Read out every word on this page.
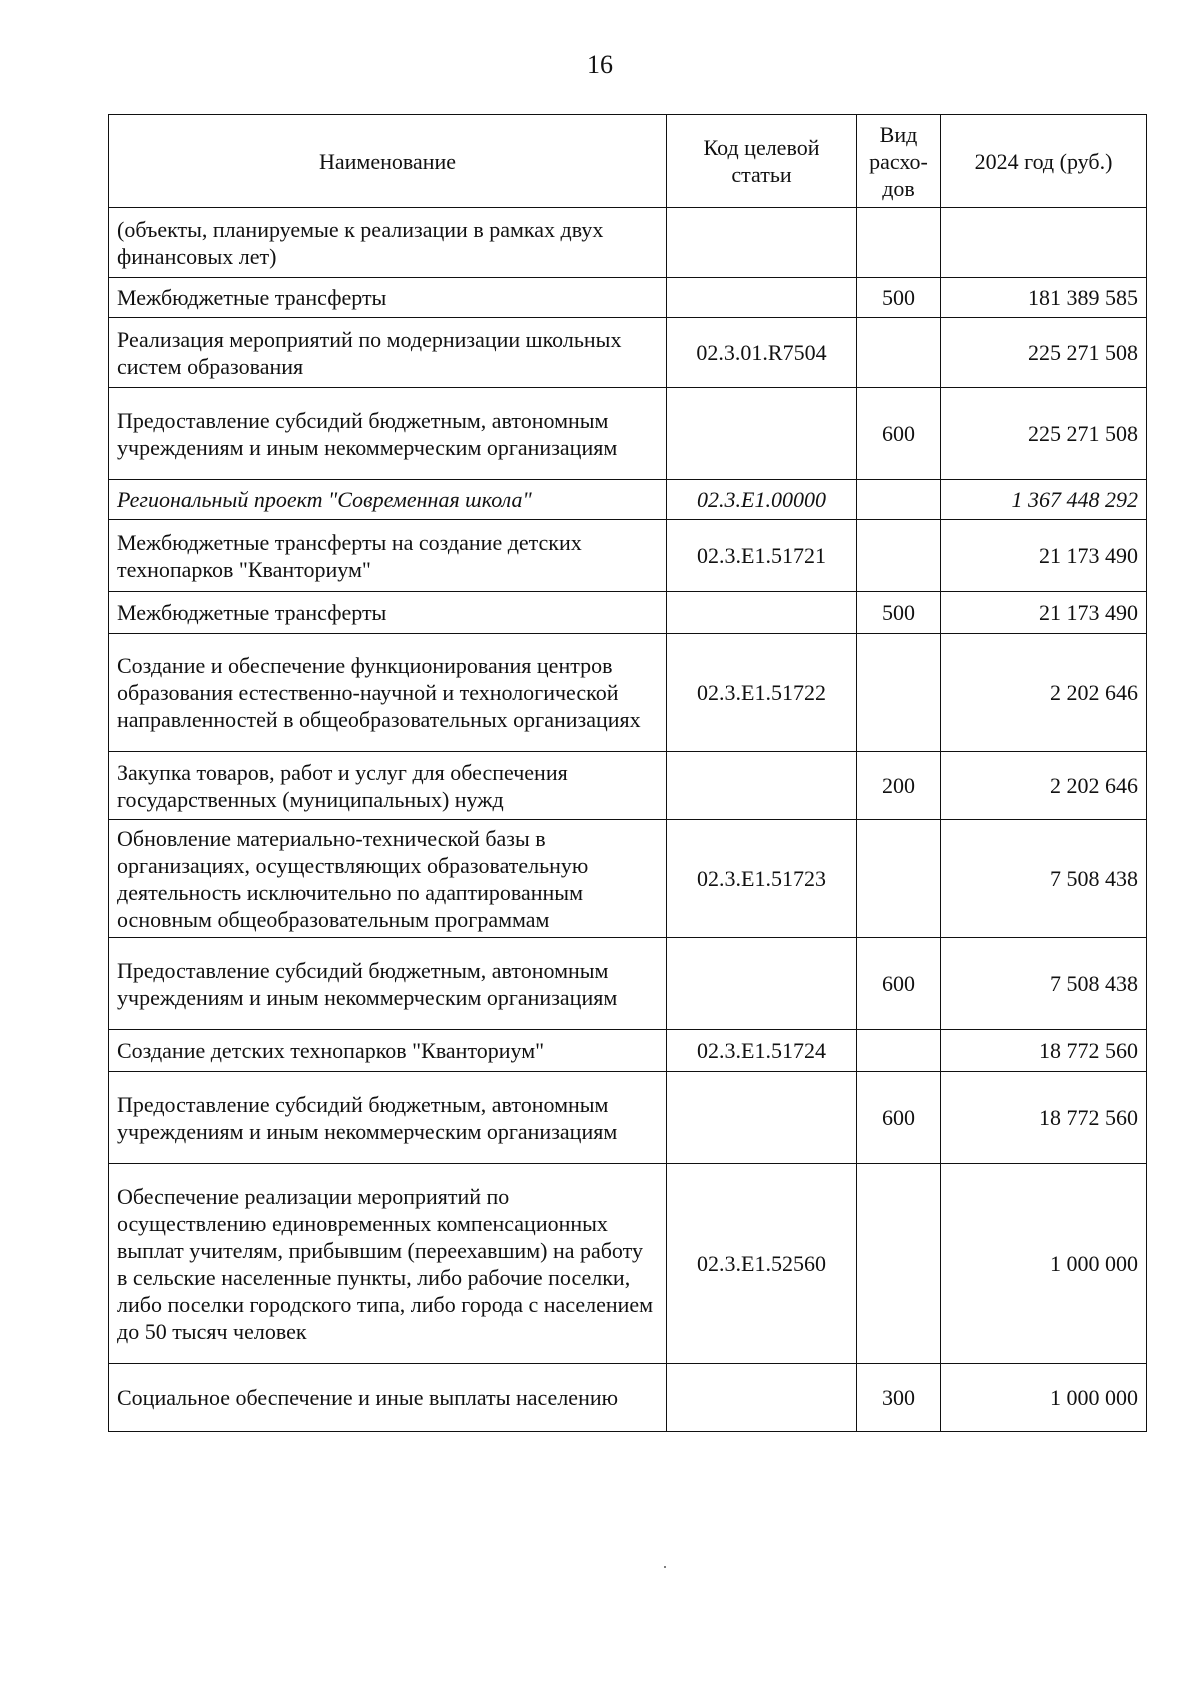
16
Наименование	Код целевой статьи	Вид расхо-дов	2024 год (руб.)
(объекты, планируемые к реализации в рамках двух финансовых лет)			
Межбюджетные трансферты		500	181 389 585
Реализация мероприятий по модернизации школьных систем образования	02.3.01.R7504		225 271 508
Предоставление субсидий бюджетным, автономным учреждениям и иным некоммерческим организациям		600	225 271 508
Региональный проект "Современная школа"	02.3.E1.00000		1 367 448 292
Межбюджетные трансферты на создание детских технопарков "Кванториум"	02.3.E1.51721		21 173 490
Межбюджетные трансферты		500	21 173 490
Создание и обеспечение функционирования центров образования естественно-научной и технологической направленностей в общеобразовательных организациях	02.3.E1.51722		2 202 646
Закупка товаров, работ и услуг для обеспечения государственных (муниципальных) нужд		200	2 202 646
Обновление материально-технической базы в организациях, осуществляющих образовательную деятельность исключительно по адаптированным основным общеобразовательным программам	02.3.E1.51723		7 508 438
Предоставление субсидий бюджетным, автономным учреждениям и иным некоммерческим организациям		600	7 508 438
Создание детских технопарков "Кванториум"	02.3.E1.51724		18 772 560
Предоставление субсидий бюджетным, автономным учреждениям и иным некоммерческим организациям		600	18 772 560
Обеспечение реализации мероприятий по осуществлению единовременных компенсационных выплат учителям, прибывшим (переехавшим) на работу в сельские населенные пункты, либо рабочие поселки, либо поселки городского типа, либо города с населением до 50 тысяч человек	02.3.E1.52560		1 000 000
Социальное обеспечение и иные выплаты населению		300	1 000 000
